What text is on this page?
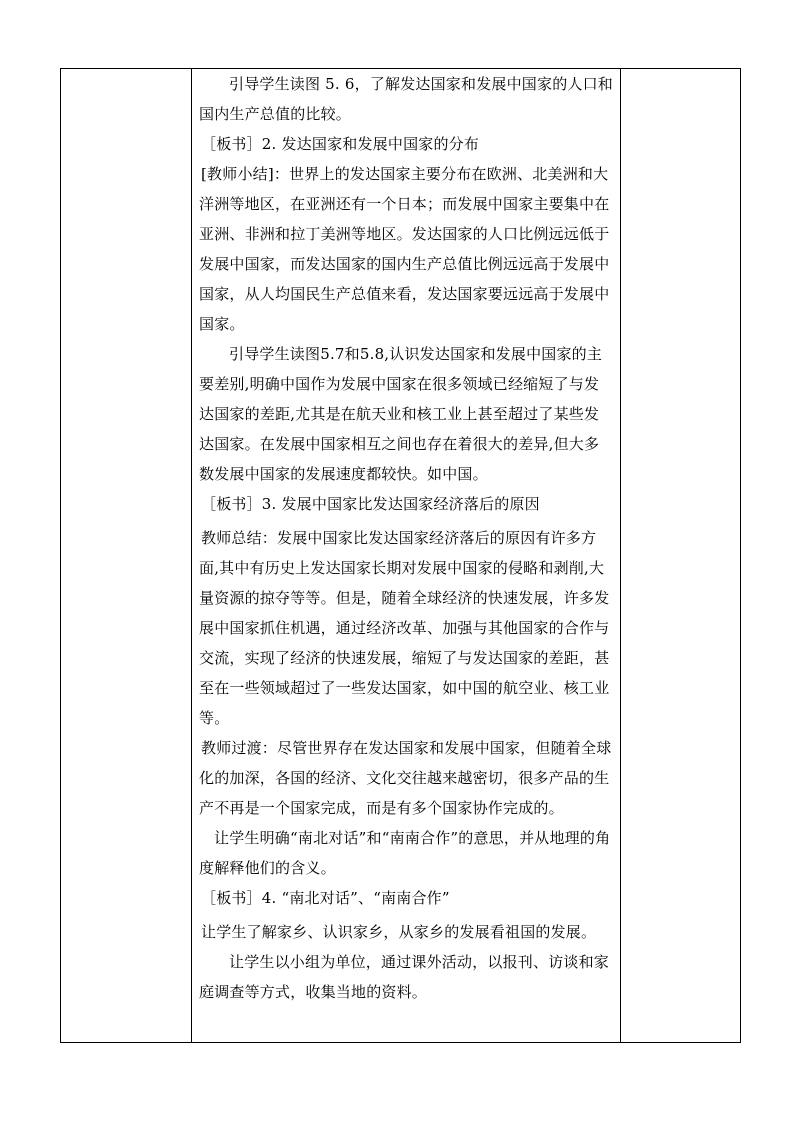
引导学生读图 5. 6，了解发达国家和发展中国家的人口和国内生产总值的比较。

［板书］2. 发达国家和发展中国家的分布

[教师小结]：世界上的发达国家主要分布在欧洲、北美洲和大洋洲等地区，在亚洲还有一个日本；而发展中国家主要集中在亚洲、非洲和拉丁美洲等地区。发达国家的人口比例远远低于发展中国家，而发达国家的国内生产总值比例远远高于发展中国家，从人均国民生产总值来看，发达国家要远远高于发展中国家。

引导学生读图5.7和5.8,认识发达国家和发展中国家的主要差别,明确中国作为发展中国家在很多领域已经缩短了与发达国家的差距,尤其是在航天业和核工业上甚至超过了某些发达国家。在发展中国家相互之间也存在着很大的差异,但大多数发展中国家的发展速度都较快。如中国。

［板书］3. 发展中国家比发达国家经济落后的原因

教师总结：发展中国家比发达国家经济落后的原因有许多方面,其中有历史上发达国家长期对发展中国家的侵略和剥削,大量资源的掠夺等等。但是，随着全球经济的快速发展，许多发展中国家抓住机遇，通过经济改革、加强与其他国家的合作与交流，实现了经济的快速发展，缩短了与发达国家的差距，甚至在一些领域超过了一些发达国家，如中国的航空业、核工业等。

教师过渡：尽管世界存在发达国家和发展中国家，但随着全球化的加深，各国的经济、文化交往越来越密切，很多产品的生产不再是一个国家完成，而是有多个国家协作完成的。

让学生明确“南北对话”和“南南合作”的意思，并从地理的角度解释他们的含义。

［板书］4. “南北对话”、“南南合作”

让学生了解家乡、认识家乡，从家乡的发展看祖国的发展。

让学生以小组为单位，通过课外活动，以报刊、访谈和家庭调查等方式，收集当地的资料。
